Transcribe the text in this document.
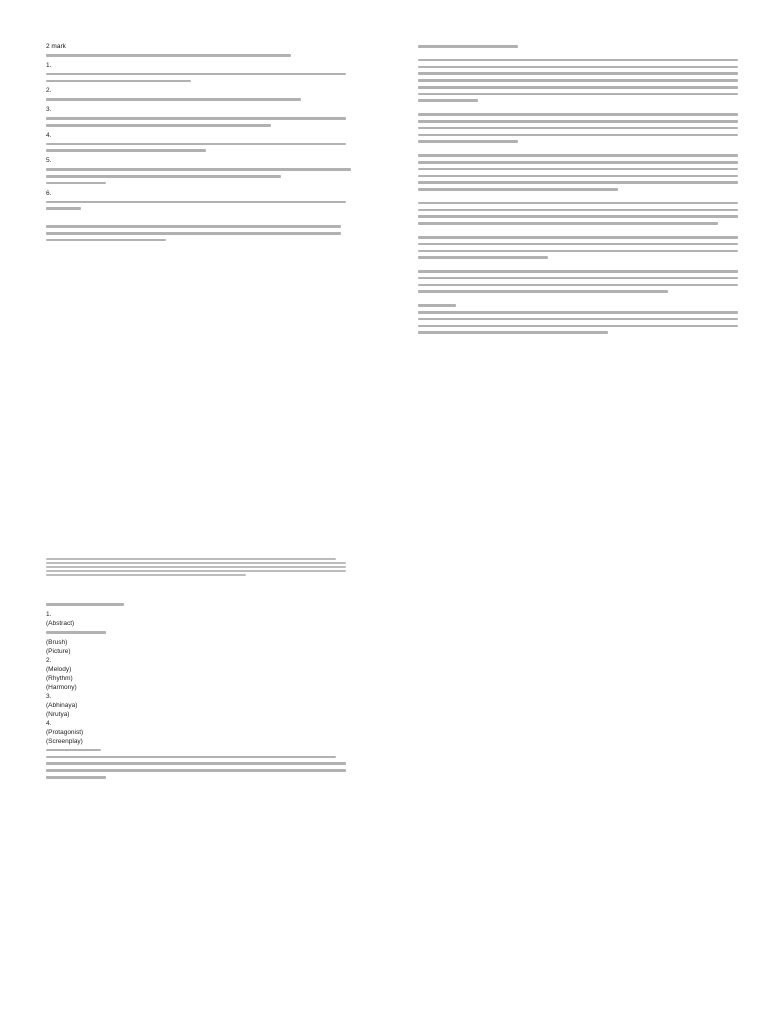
2 mark

1.

2.

3.

4.

5.

6.

1.

(Abstract)

(Brush)

(Picture)

2.

(Melody)

(Rhythm)

(Harmony)

3.

(Abhinaya)

(Nrutya)

4.

(Protagonist)

(Screenplay)
